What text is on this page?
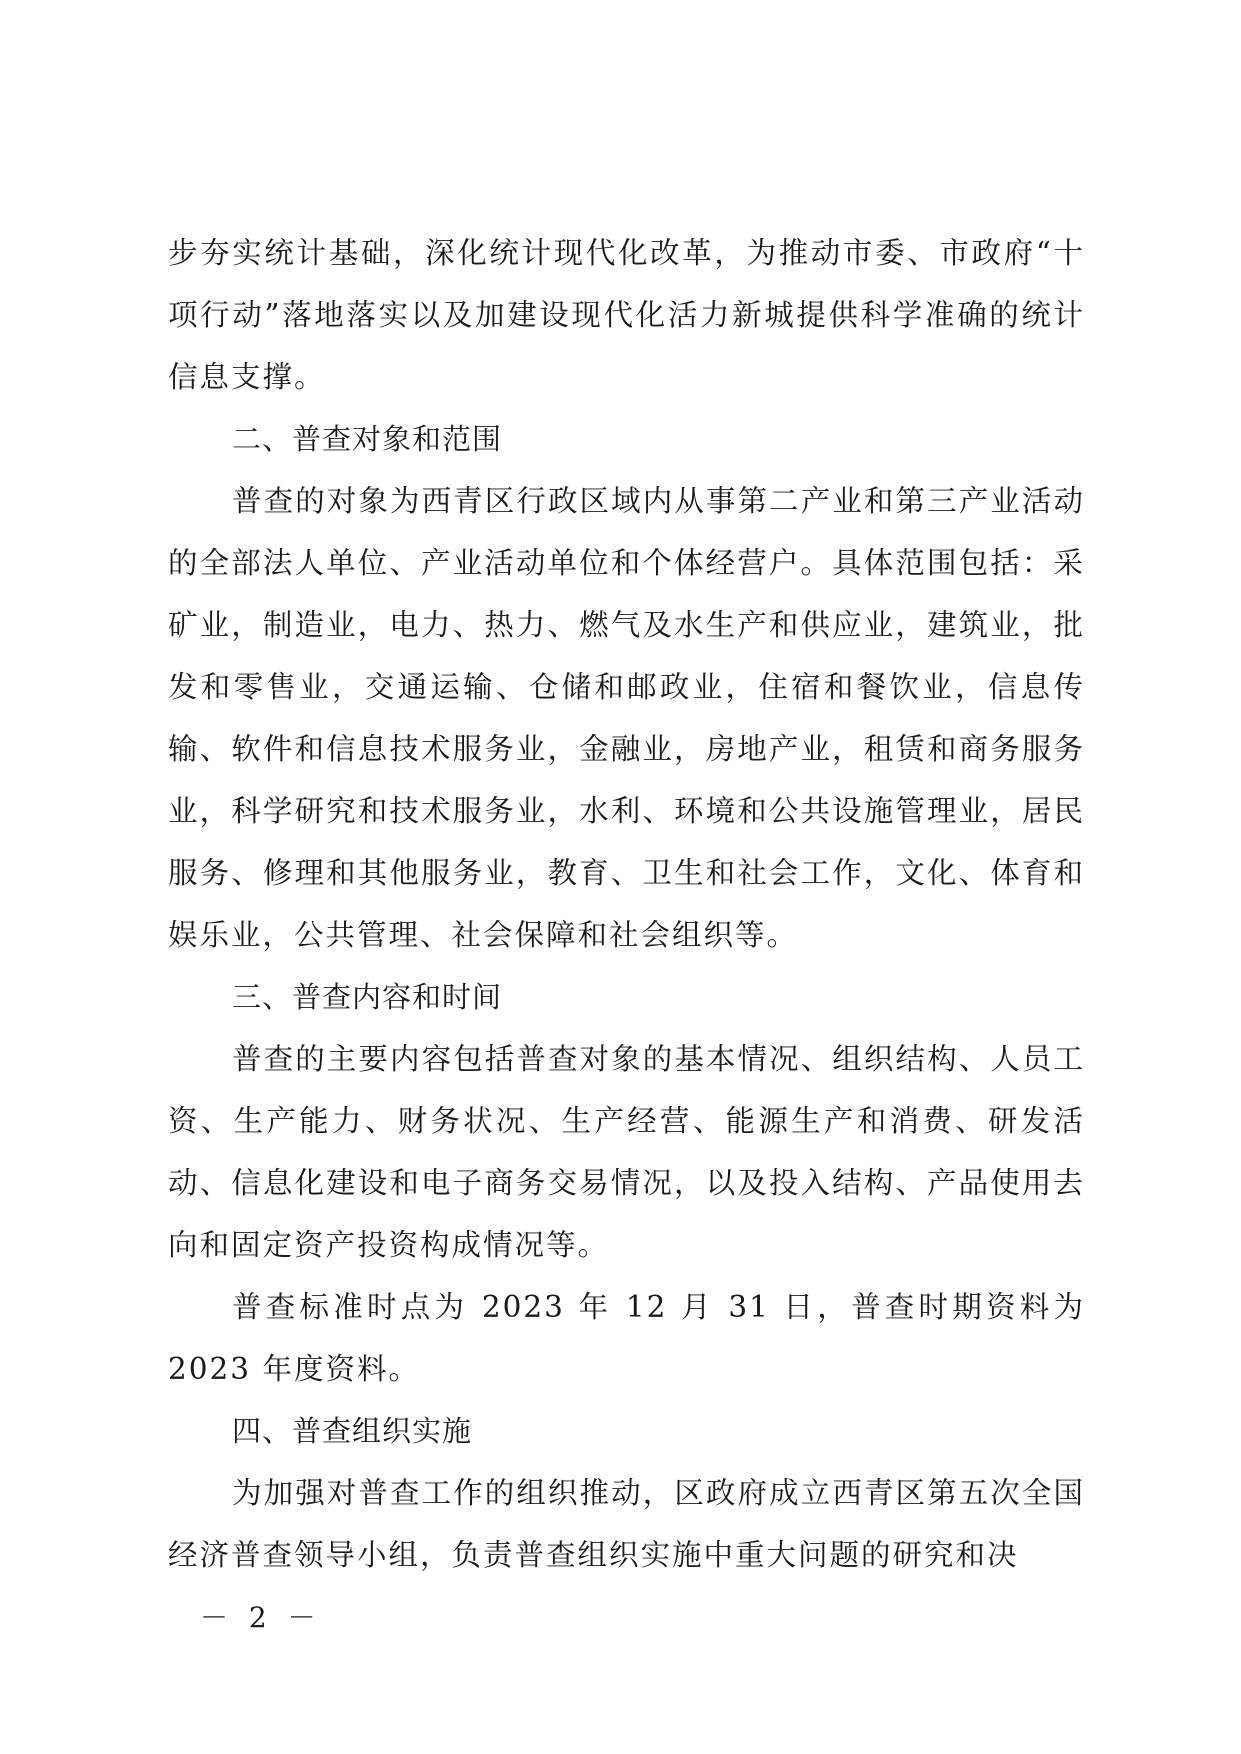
步夯实统计基础，深化统计现代化改革，为推动市委、市政府“十项行动”落地落实以及加建设现代化活力新城提供科学准确的统计信息支撑。

二、普查对象和范围

普查的对象为西青区行政区域内从事第二产业和第三产业活动的全部法人单位、产业活动单位和个体经营户。具体范围包括：采矿业，制造业，电力、热力、燃气及水生产和供应业，建筑业，批发和零售业，交通运输、仓储和邮政业，住宿和餐饮业，信息传输、软件和信息技术服务业，金融业，房地产业，租赁和商务服务业，科学研究和技术服务业，水利、环境和公共设施管理业，居民服务、修理和其他服务业，教育、卫生和社会工作，文化、体育和娱乐业，公共管理、社会保障和社会组织等。

三、普查内容和时间

普查的主要内容包括普查对象的基本情况、组织结构、人员工资、生产能力、财务状况、生产经营、能源生产和消费、研发活动、信息化建设和电子商务交易情况，以及投入结构、产品使用去向和固定资产投资构成情况等。

普查标准时点为 2023 年 12 月 31 日，普查时期资料为 2023 年度资料。

四、普查组织实施

为加强对普查工作的组织推动，区政府成立西青区第五次全国经济普查领导小组，负责普查组织实施中重大问题的研究和决

－ 2 －
